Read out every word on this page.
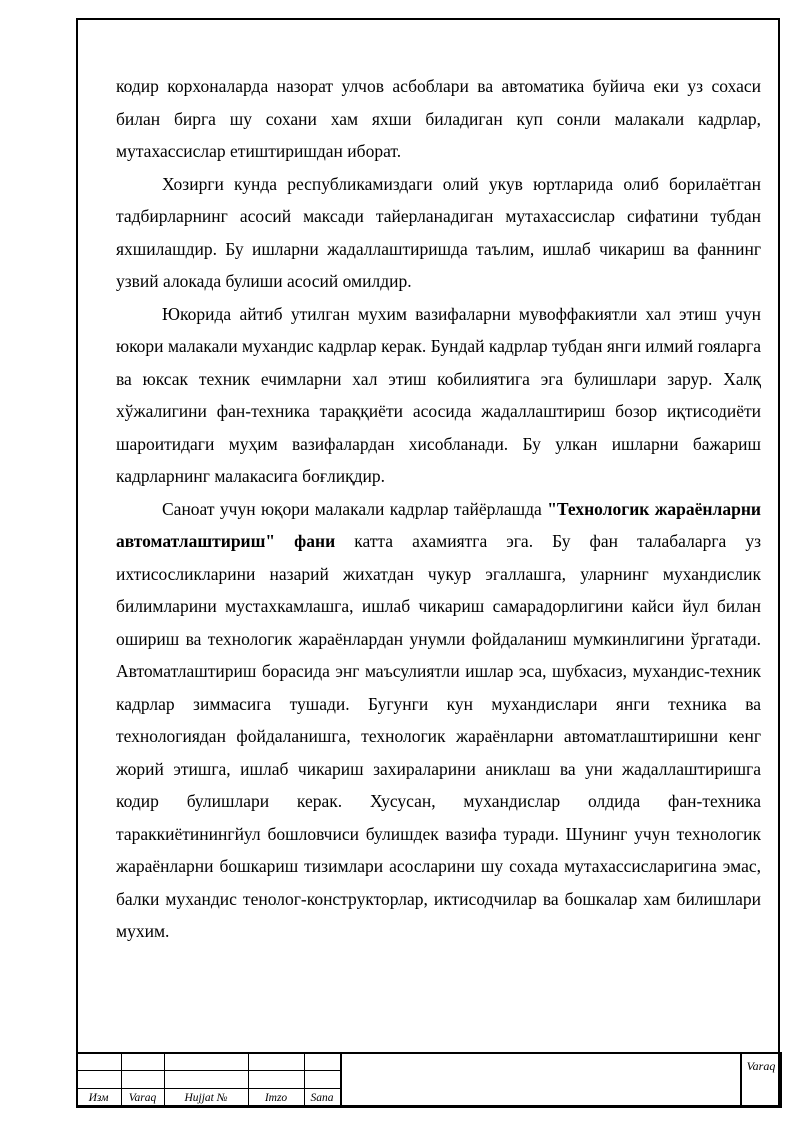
кодир корхоналарда назорат улчов асбоблари ва автоматика буйича еки уз сохаси билан бирга шу сохани хам яхши биладиган куп сонли малакали кадрлар, мутахассислар етиштиришдан иборат.

Хозирги кунда республикамиздаги олий укув юртларида олиб борилаётган тадбирларнинг асосий максади тайерланадиган мутахассислар сифатини тубдан яхшилашдир. Бу ишларни жадаллаштиришда таълим, ишлаб чикариш ва фаннинг узвий алокада булиши асосий омилдир.

Юкорида айтиб утилган мухим вазифаларни мувоффакиятли хал этиш учун юкори малакали мухандис кадрлар керак. Бундай кадрлар тубдан янги илмий гояларга ва юксак техник ечимларни хал этиш кобилиятига эга булишлари зарур. Халқ хўжалигини фан-техника тараққиёти асосида жадаллаштириш бозор иқтисодиёти шароитидаги муҳим вазифалардан хисобланади. Бу улкан ишларни бажариш кадрларнинг малакасига боғлиқдир.

Саноат учун юқори малакали кадрлар тайёрлашда "Технологик жараёнларни автоматлаштириш" фани катта ахамиятга эга. Бу фан талабаларга уз ихтисосликларини назарий жихатдан чукур эгаллашга, уларнинг мухандислик билимларини мустахкамлашга, ишлаб чикариш самарадорлигини кайси йул билан ошириш ва технологик жараёнлардан унумли фойдаланиш мумкинлигини ўргатади. Автоматлаштириш борасида энг маъсулиятли ишлар эса, шубхасиз, мухандис-техник кадрлар зиммасига тушади. Бугунги кун мухандислари янги техника ва технологиядан фойдаланишга, технологик жараёнларни автоматлаштиришни кенг жорий этишга, ишлаб чикариш захираларини аниклаш ва уни жадаллаштиришга кодир булишлари керак. Хусусан, мухандислар олдида фан-техника тараккиётинингйул бошловчиси булишдек вазифа туради. Шунинг учун технологик жараёнларни бошкариш тизимлари асосларини шу сохада мутахассисларигина эмас, балки мухандис тенолог-конструкторлар, иктисодчилар ва бошкалар хам билишлари мухим.

Изм	Varaq	Hujjat №	Imzo	Sana
Varaq
